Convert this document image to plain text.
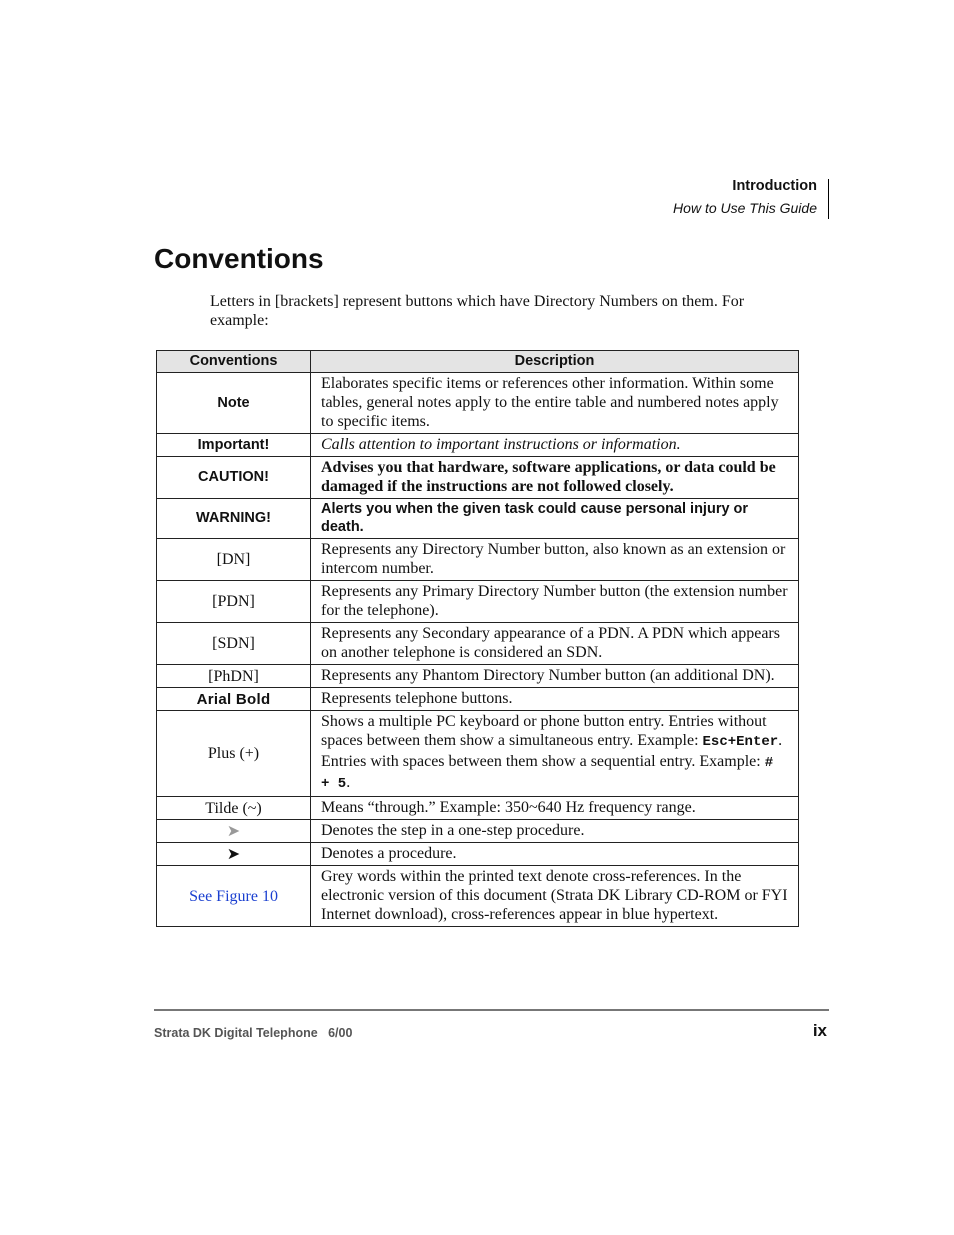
Introduction
How to Use This Guide
Conventions

Letters in [brackets] represent buttons which have Directory Numbers on them. For example:

Conventions	Description
Note	Elaborates specific items or references other information. Within some tables, general notes apply to the entire table and numbered notes apply to specific items.
Important!	Calls attention to important instructions or information.
CAUTION!	Advises you that hardware, software applications, or data could be damaged if the instructions are not followed closely.
WARNING!	Alerts you when the given task could cause personal injury or death.
[DN]	Represents any Directory Number button, also known as an extension or intercom number.
[PDN]	Represents any Primary Directory Number button (the extension number for the telephone).
[SDN]	Represents any Secondary appearance of a PDN. A PDN which appears on another telephone is considered an SDN.
[PhDN]	Represents any Phantom Directory Number button (an additional DN).
Arial Bold	Represents telephone buttons.
Plus (+)	Shows a multiple PC keyboard or phone button entry. Entries without spaces between them show a simultaneous entry. Example: Esc+Enter. Entries with spaces between them show a sequential entry. Example: # + 5.
Tilde (~)	Means “through.” Example: 350~640 Hz frequency range.
➤	Denotes the step in a one-step procedure.
➤	Denotes a procedure.
See Figure 10	Grey words within the printed text denote cross-references. In the electronic version of this document (Strata DK Library CD-ROM or FYI Internet download), cross-references appear in blue hypertext.
Strata DK Digital Telephone   6/00	ix
